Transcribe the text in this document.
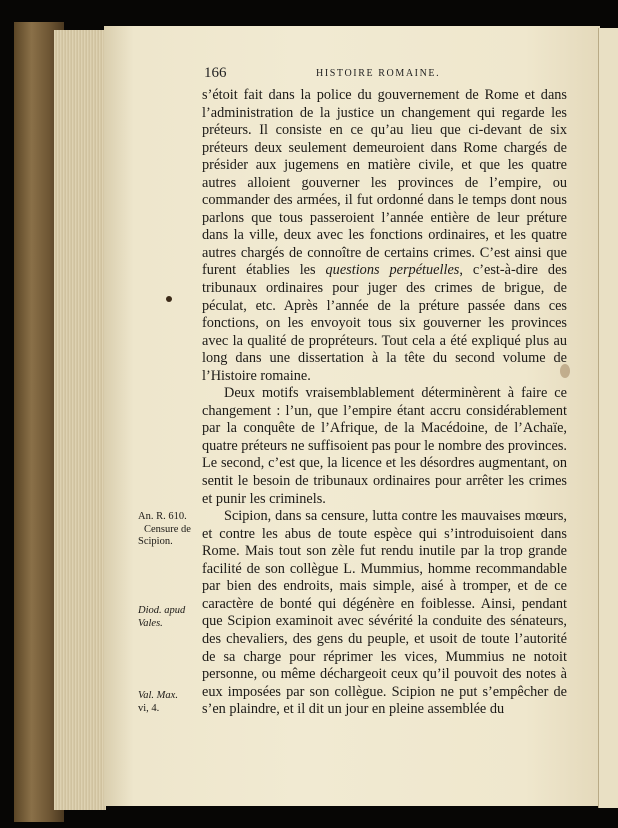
166	HISTOIRE ROMAINE.

s’étoit fait dans la police du gouvernement de Rome et dans l’administration de la justice un changement qui regarde les préteurs. Il consiste en ce qu’au lieu que ci-devant de six préteurs deux seulement demeuroient dans Rome chargés de présider aux jugemens en matière civile, et que les quatre autres alloient gouverner les provinces de l’empire, ou commander des armées, il fut ordonné dans le temps dont nous parlons que tous passeroient l’année entière de leur préture dans la ville, deux avec les fonctions ordinaires, et les quatre autres chargés de connoître de certains crimes. C’est ainsi que furent établies les questions perpétuelles, c’est-à-dire des tribunaux ordinaires pour juger des crimes de brigue, de péculat, etc. Après l’année de la préture passée dans ces fonctions, on les envoyoit tous six gouverner les provinces avec la qualité de propréteurs. Tout cela a été expliqué plus au long dans une dissertation à la tête du second volume de l’Histoire romaine.

Deux motifs vraisemblablement déterminèrent à faire ce changement : l’un, que l’empire étant accru considérablement par la conquête de l’Afrique, de la Macédoine, de l’Achaïe, quatre préteurs ne suffisoient pas pour le nombre des provinces. Le second, c’est que, la licence et les désordres augmentant, on sentit le besoin de tribunaux ordinaires pour arrêter les crimes et punir les criminels.

Scipion, dans sa censure, lutta contre les mauvaises mœurs, et contre les abus de toute espèce qui s’introduisoient dans Rome. Mais tout son zèle fut rendu inutile par la trop grande facilité de son collègue L. Mummius, homme recommandable par bien des endroits, mais simple, aisé à tromper, et de ce caractère de bonté qui dégénère en foiblesse. Ainsi, pendant que Scipion examinoit avec sévérité la conduite des sénateurs, des chevaliers, des gens du peuple, et usoit de toute l’autorité de sa charge pour réprimer les vices, Mummius ne notoit personne, ou même déchargeoit ceux qu’il pouvoit des notes à eux imposées par son collègue. Scipion ne put s’empêcher de s’en plaindre, et il dit un jour en pleine assemblée du

An. R. 610.
Censure de
Scipion.
Diod. apud
Vales.
Val. Max.
vi, 4.
